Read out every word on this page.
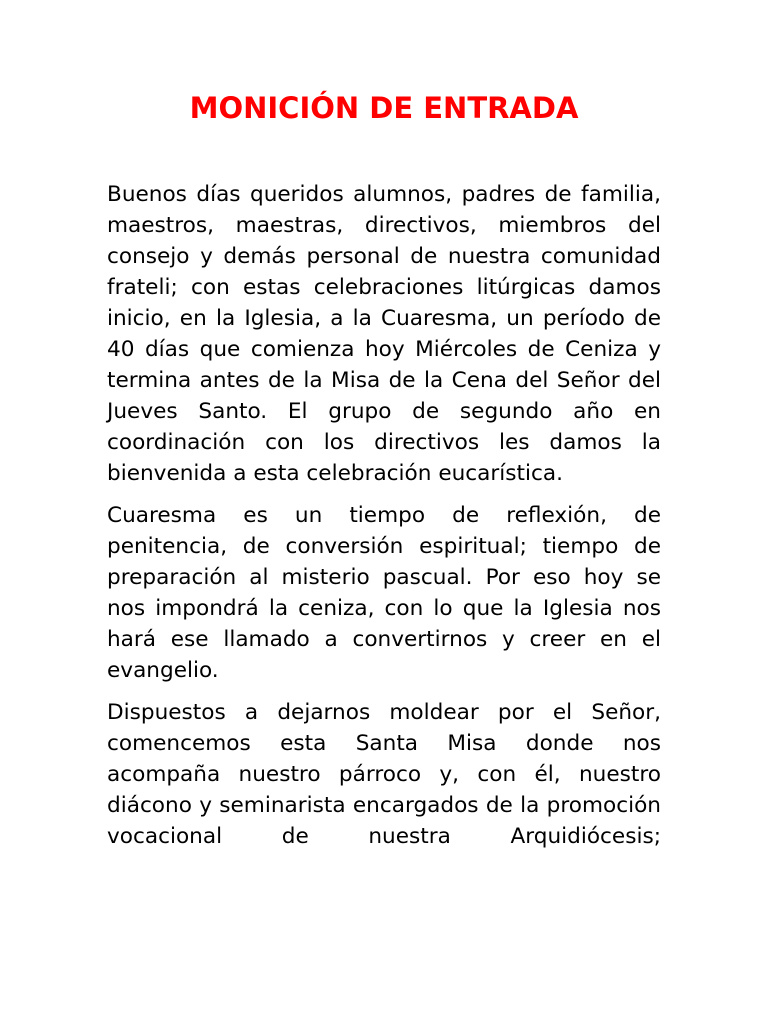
MONICIÓN DE ENTRADA

Buenos días queridos alumnos, padres de familia, maestros, maestras, directivos, miembros del consejo y demás personal de nuestra comunidad frateli; con estas celebraciones litúrgicas damos inicio, en la Iglesia, a la Cuaresma, un período de 40 días que comienza hoy Miércoles de Ceniza y termina antes de la Misa de la Cena del Señor del Jueves Santo. El grupo de segundo año en coordinación con los directivos les damos la bienvenida a esta celebración eucarística.

Cuaresma es un tiempo de reflexión, de penitencia, de conversión espiritual; tiempo de preparación al misterio pascual. Por eso hoy se nos impondrá la ceniza, con lo que la Iglesia nos hará ese llamado a convertirnos y creer en el evangelio.

Dispuestos a dejarnos moldear por el Señor, comencemos esta Santa Misa donde nos acompaña nuestro párroco y, con él, nuestro diácono y seminarista encargados de la promoción vocacional de nuestra Arquidiócesis;
